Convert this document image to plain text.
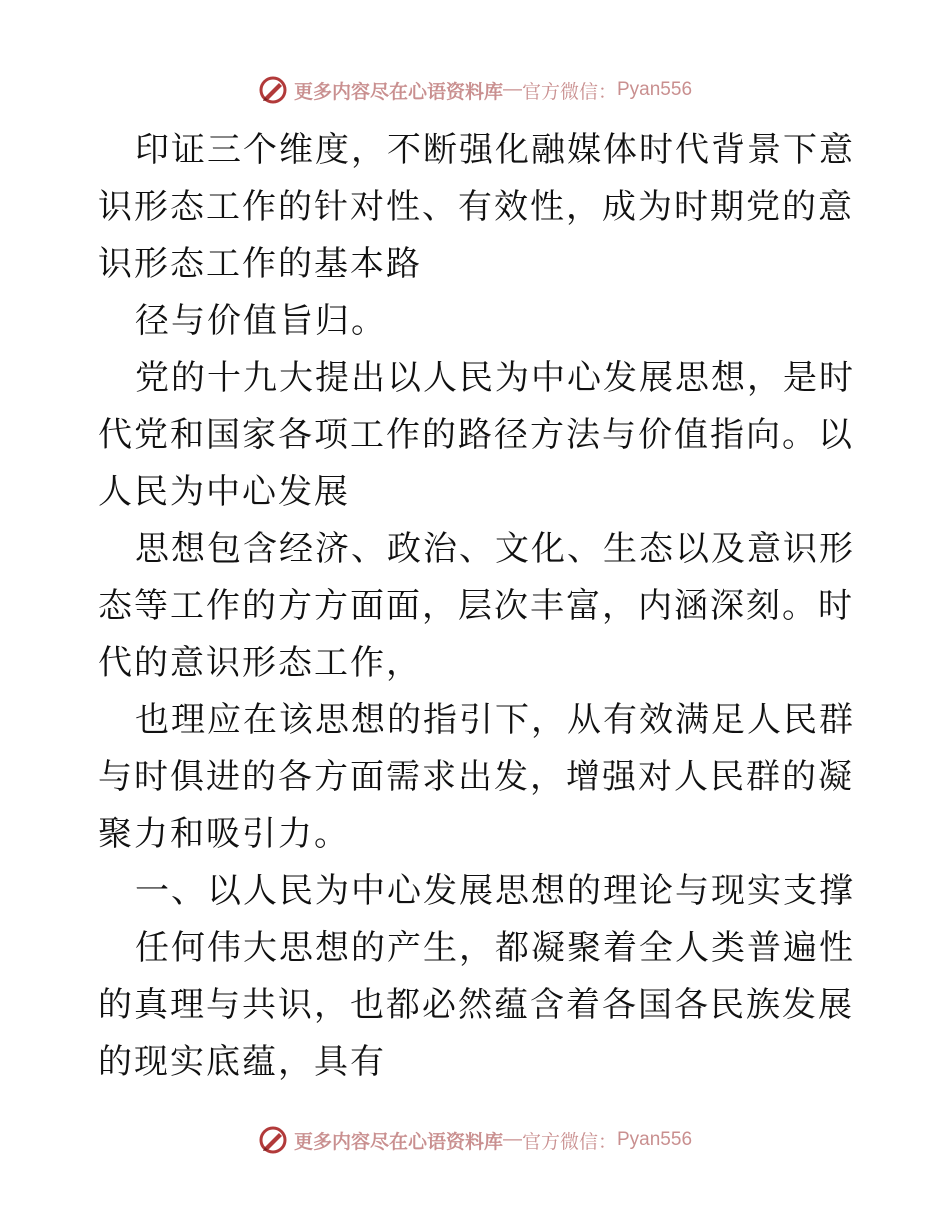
更多内容尽在心语资料库 — 官方微信： Pyan556

印证三个维度，不断强化融媒体时代背景下意识形态工作的针对性、有效性，成为时期党的意识形态工作的基本路

径与价值旨归。

党的十九大提出以人民为中心发展思想，是时代党和国家各项工作的路径方法与价值指向。以人民为中心发展

思想包含经济、政治、文化、生态以及意识形态等工作的方方面面，层次丰富，内涵深刻。时代的意识形态工作，

也理应在该思想的指引下，从有效满足人民群与时俱进的各方面需求出发，增强对人民群的凝聚力和吸引力。

一、以人民为中心发展思想的理论与现实支撑

任何伟大思想的产生，都凝聚着全人类普遍性的真理与共识，也都必然蕴含着各国各民族发展的现实底蕴，具有

更多内容尽在心语资料库 — 官方微信： Pyan556
